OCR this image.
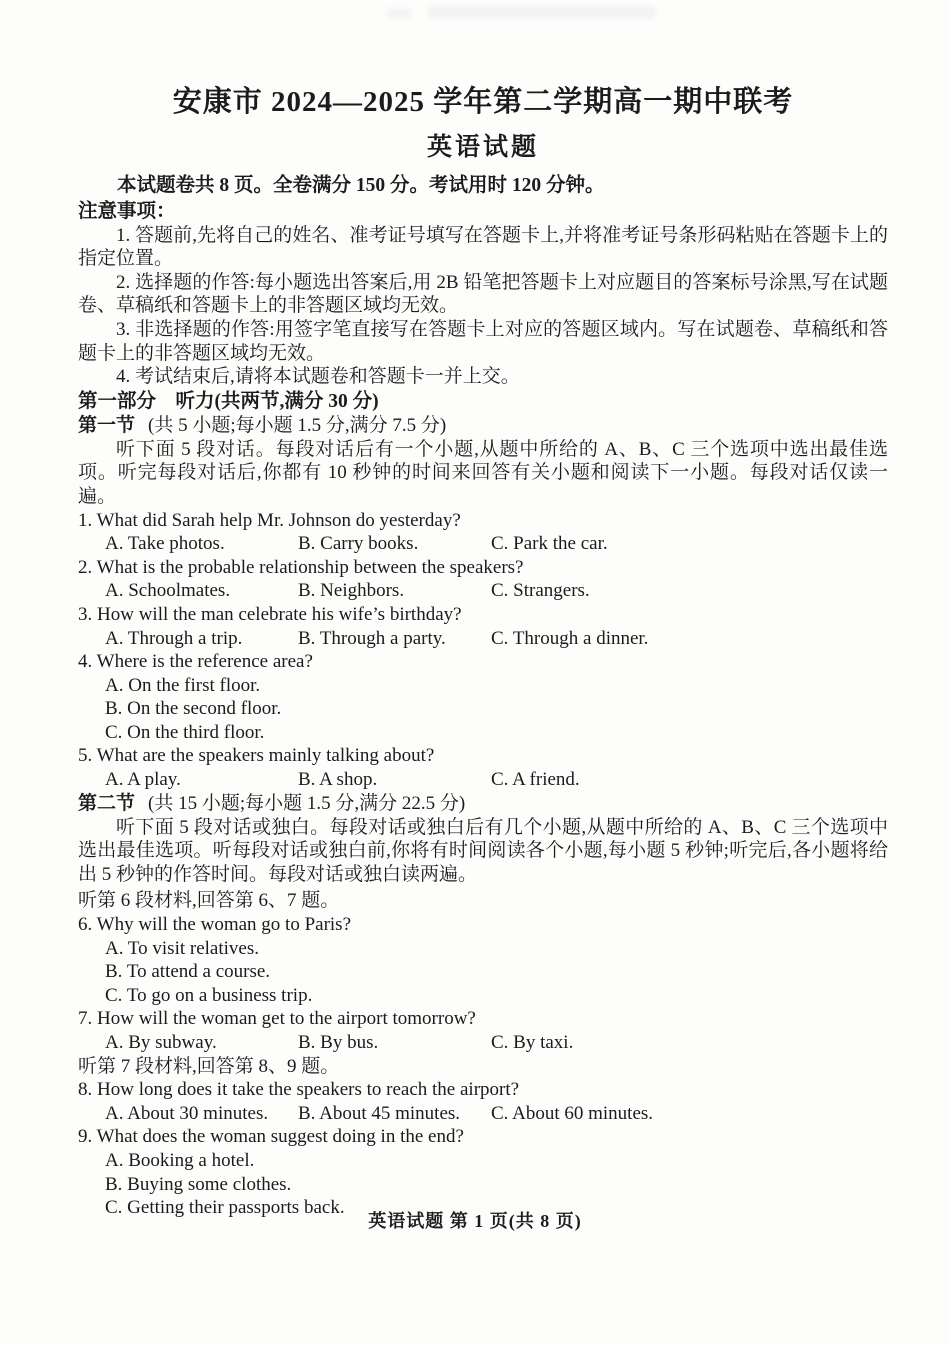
安康市 2024—2025 学年第二学期高一期中联考
英语试题

本试题卷共 8 页。全卷满分 150 分。考试用时 120 分钟。

注意事项：

1. 答题前,先将自己的姓名、准考证号填写在答题卡上,并将准考证号条形码粘贴在答题卡上的指定位置。

2. 选择题的作答:每小题选出答案后,用 2B 铅笔把答题卡上对应题目的答案标号涂黑,写在试题卷、草稿纸和答题卡上的非答题区域均无效。

3. 非选择题的作答:用签字笔直接写在答题卡上对应的答题区域内。写在试题卷、草稿纸和答题卡上的非答题区域均无效。

4. 考试结束后,请将本试题卷和答题卡一并上交。

第一部分　听力(共两节,满分 30 分)

第一节 (共 5 小题;每小题 1.5 分,满分 7.5 分)

听下面 5 段对话。每段对话后有一个小题,从题中所给的 A、B、C 三个选项中选出最佳选项。听完每段对话后,你都有 10 秒钟的时间来回答有关小题和阅读下一小题。每段对话仅读一遍。

1. What did Sarah help Mr. Johnson do yesterday?

A. Take photos.	B. Carry books.	C. Park the car.

2. What is the probable relationship between the speakers?

A. Schoolmates.	B. Neighbors.	C. Strangers.

3. How will the man celebrate his wife’s birthday?

A. Through a trip.	B. Through a party.	C. Through a dinner.

4. Where is the reference area?

A. On the first floor.
B. On the second floor.
C. On the third floor.

5. What are the speakers mainly talking about?

A. A play.	B. A shop.	C. A friend.

第二节 (共 15 小题;每小题 1.5 分,满分 22.5 分)

听下面 5 段对话或独白。每段对话或独白后有几个小题,从题中所给的 A、B、C 三个选项中选出最佳选项。听每段对话或独白前,你将有时间阅读各个小题,每小题 5 秒钟;听完后,各小题将给出 5 秒钟的作答时间。每段对话或独白读两遍。

听第 6 段材料,回答第 6、7 题。

6. Why will the woman go to Paris?

A. To visit relatives.
B. To attend a course.
C. To go on a business trip.

7. How will the woman get to the airport tomorrow?

A. By subway.	B. By bus.	C. By taxi.

听第 7 段材料,回答第 8、9 题。

8. How long does it take the speakers to reach the airport?

A. About 30 minutes.	B. About 45 minutes.	C. About 60 minutes.

9. What does the woman suggest doing in the end?

A. Booking a hotel.
B. Buying some clothes.
C. Getting their passports back.
英语试题 第 1 页(共 8 页)
